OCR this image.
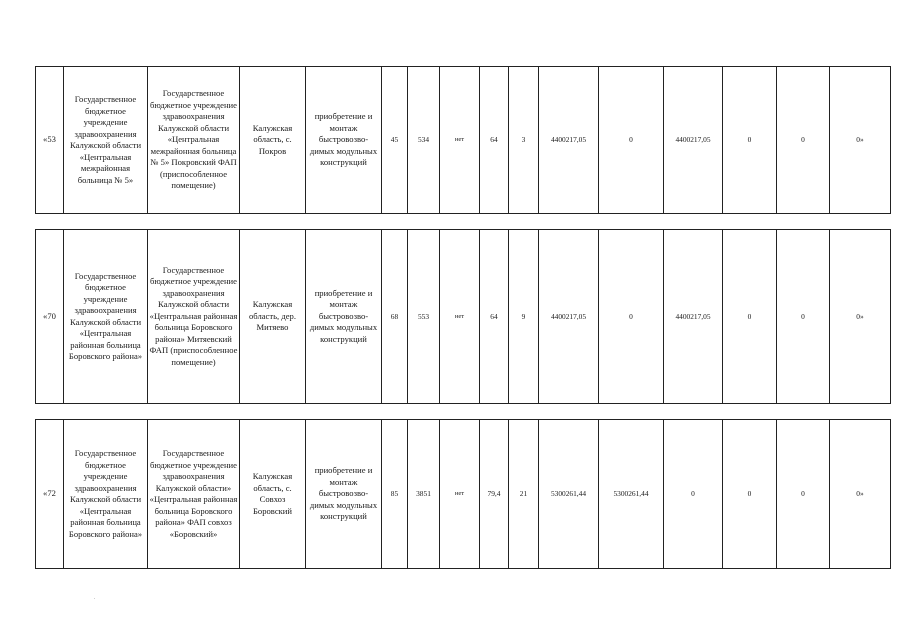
«53	Государственное бюджетное учреждение здравоохранения Калужской области «Центральная межрайонная больница № 5»	Государственное бюджетное учреждение здравоохранения Калужской области «Центральная межрайонная больница № 5» Покровский ФАП (приспособленное помещение)	Калужская область, с. Покров	приобретение и монтаж быстровозво-димых модульных конструкций	45	534	нет	64	3	4400217,05	0	4400217,05	0	0	0»
«70	Государственное бюджетное учреждение здравоохранения Калужской области «Центральная районная больница Боровского района»	Государственное бюджетное учреждение здравоохранения Калужской области «Центральная районная больница Боровского района» Митяевский ФАП (приспособленное помещение)	Калужская область, дер. Митяево	приобретение и монтаж быстровозво-димых модульных конструкций	68	553	нет	64	9	4400217,05	0	4400217,05	0	0	0»
«72	Государственное бюджетное учреждение здравоохранения Калужской области «Центральная районная больница Боровского района»	Государственное бюджетное учреждение здравоохранения Калужской области» «Центральная районная больница Боровского района» ФАП совхоз «Боровский»	Калужская область, с. Совхоз Боровский	приобретение и монтаж быстровозво-димых модульных конструкций	85	3851	нет	79,4	21	5300261,44	5300261,44	0	0	0	0»
